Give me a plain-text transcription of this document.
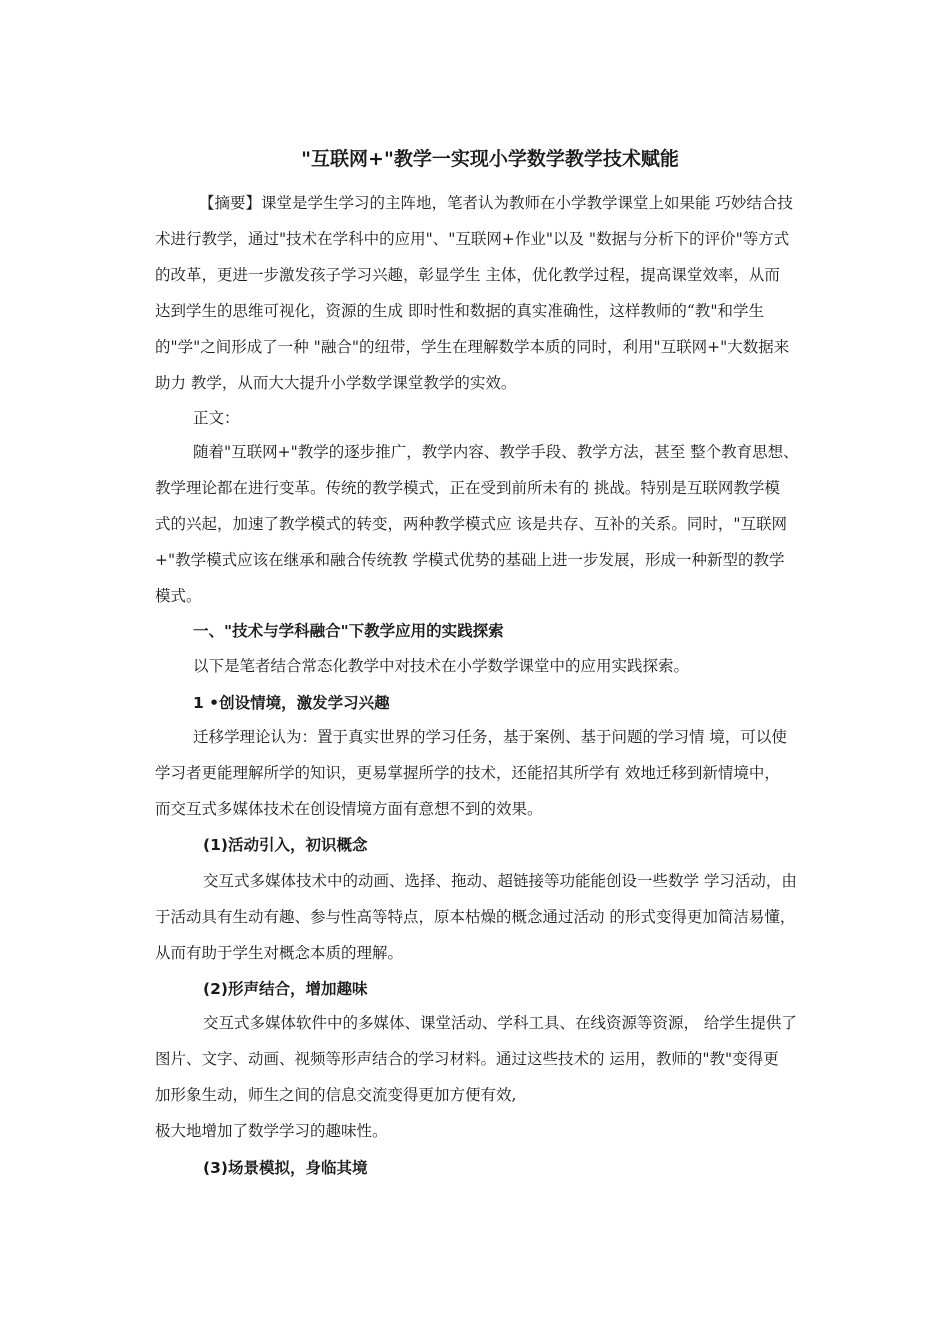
"互联网+"教学一实现小学数学教学技术赋能
【摘要】课堂是学生学习的主阵地，笔者认为教师在小学教学课堂上如果能 巧妙结合技
术进行教学，通过"技术在学科中的应用"、"互联网+作业"以及 "数据与分析下的评价"等方式
的改革，更进一步激发孩子学习兴趣，彰显学生 主体，优化教学过程，提高课堂效率，从而
达到学生的思维可视化，资源的生成 即时性和数据的真实准确性，这样教师的“教"和学生
的"学"之间形成了一种 "融合"的纽带，学生在理解数学本质的同时，利用"互联网+"大数据来
助力 教学，从而大大提升小学数学课堂教学的实效。
正文：
随着"互联网+"教学的逐步推广，教学内容、教学手段、教学方法，甚至 整个教育思想、
教学理论都在进行变革。传统的教学模式，正在受到前所未有的 挑战。特别是互联网教学模
式的兴起，加速了教学模式的转变，两种教学模式应 该是共存、互补的关系。同时，"互联网
+"教学模式应该在继承和融合传统教 学模式优势的基础上进一步发展，形成一种新型的教学
模式。
一、"技术与学科融合"下教学应用的实践探索
以下是笔者结合常态化教学中对技术在小学数学课堂中的应用实践探索。
1 •创设情境，激发学习兴趣
迁移学理论认为：置于真实世界的学习任务，基于案例、基于问题的学习情 境，可以使
学习者更能理解所学的知识，更易掌握所学的技术，还能招其所学有 效地迁移到新情境中，
而交互式多媒体技术在创设情境方面有意想不到的效果。
(1)活动引入，初识概念
交互式多媒体技术中的动画、选择、拖动、超链接等功能能创设一些数学 学习活动，由
于活动具有生动有趣、参与性高等特点，原本枯燥的概念通过活动 的形式变得更加简洁易懂，
从而有助于学生对概念本质的理解。
(2)形声结合，增加趣味
交互式多媒体软件中的多媒体、课堂活动、学科工具、在线资源等资源， 给学生提供了
图片、文字、动画、视频等形声结合的学习材料。通过这些技术的 运用，教师的"教"变得更
加形象生动，师生之间的信息交流变得更加方便有效,
极大地增加了数学学习的趣味性。
(3)场景模拟，身临其境
